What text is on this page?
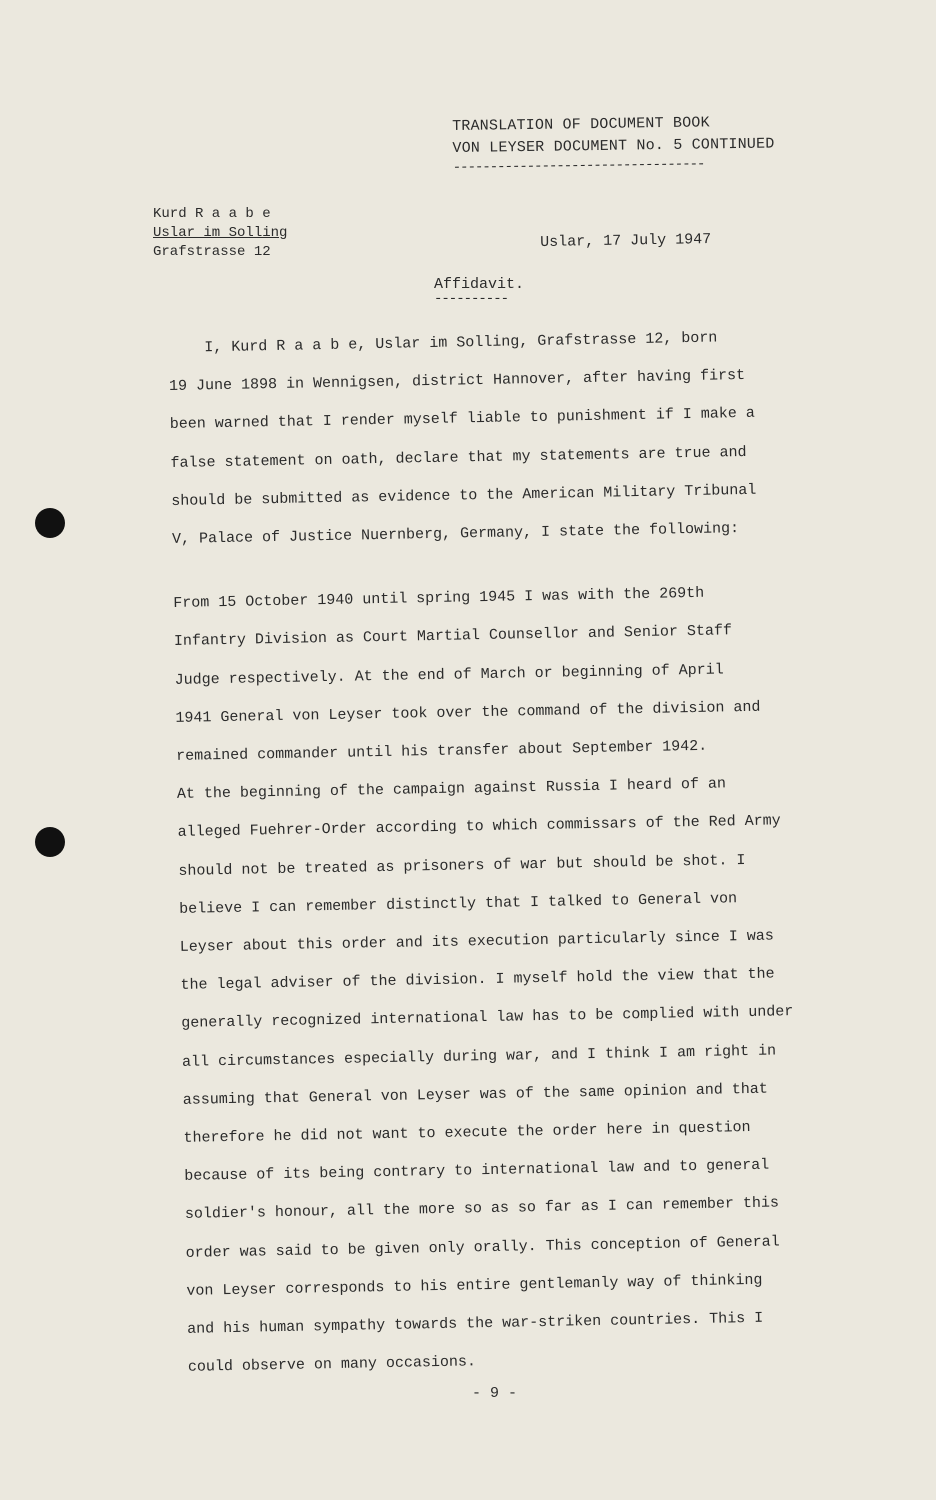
TRANSLATION OF DOCUMENT BOOK
VON LEYSER DOCUMENT No. 5 CONTINUED
----------------------------------
Kurd R a a b e
Uslar im Solling
Grafstrasse 12
Uslar, 17 July 1947
Affidavit.
----------

I, Kurd R a a b e, Uslar im Solling, Grafstrasse 12, born

19 June 1898 in Wennigsen, district Hannover, after having first

been warned that I render myself liable to punishment if I make a

false statement on oath, declare that my statements are true and

should be submitted as evidence to the American Military Tribunal

V, Palace of Justice Nuernberg, Germany, I state the following:

From 15 October 1940 until spring 1945 I was with the 269th

Infantry Division as Court Martial Counsellor and Senior Staff

Judge respectively. At the end of March or beginning of April

1941 General von Leyser took over the command of the division and

remained commander until his transfer about September 1942.

At the beginning of the campaign against Russia I heard of an

alleged Fuehrer-Order according to which commissars of the Red Army

should not be treated as prisoners of war but should be shot. I

believe I can remember distinctly that I talked to General von

Leyser about this order and its execution particularly since I was

the legal adviser of the division. I myself hold the view that the

generally recognized international law has to be complied with under

all circumstances especially during war, and I think I am right in

assuming that General von Leyser was of the same opinion and that

therefore he did not want to execute the order here in question

because of its being contrary to international law and to general

soldier's honour, all the more so as so far as I can remember this

order was said to be given only orally. This conception of General

von Leyser corresponds to his entire gentlemanly way of thinking

and his human sympathy towards the war-striken countries. This I

could observe on many occasions.

- 9 -
